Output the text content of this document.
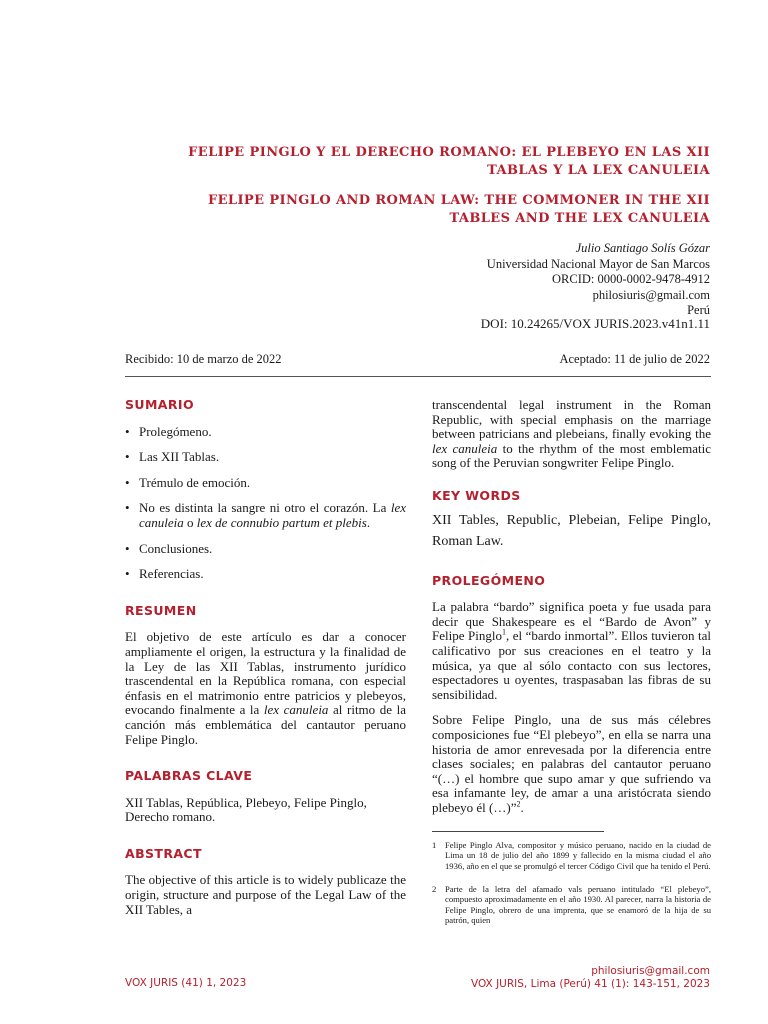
FELIPE PINGLO Y EL DERECHO ROMANO: EL PLEBEYO EN LAS XII TABLAS Y LA LEX CANULEIA
FELIPE PINGLO AND ROMAN LAW: THE COMMONER IN THE XII TABLES AND THE LEX CANULEIA
Julio Santiago Solís Gózar
Universidad Nacional Mayor de San Marcos
ORCID: 0000-0002-9478-4912
philosiuris@gmail.com
Perú
DOI: 10.24265/VOX JURIS.2023.v41n1.11
Recibido: 10 de marzo de 2022	Aceptado: 11 de julio de 2022
SUMARIO
• Prolegómeno.
• Las XII Tablas.
• Trémulo de emoción.
• No es distinta la sangre ni otro el corazón. La lex canuleia o lex de connubio partum et plebis.
• Conclusiones.
• Referencias.
RESUMEN

El objetivo de este artículo es dar a conocer ampliamente el origen, la estructura y la finalidad de la Ley de las XII Tablas, instrumento jurídico trascendental en la República romana, con especial énfasis en el matrimonio entre patricios y plebeyos, evocando finalmente a la lex canuleia al ritmo de la canción más emblemática del cantautor peruano Felipe Pinglo.

PALABRAS CLAVE

XII Tablas, República, Plebeyo, Felipe Pinglo, Derecho romano.

ABSTRACT

The objective of this article is to widely publicaze the origin, structure and purpose of the Legal Law of the XII Tables, a

transcendental legal instrument in the Roman Republic, with special emphasis on the marriage between patricians and plebeians, finally evoking the lex canuleia to the rhythm of the most emblematic song of the Peruvian songwriter Felipe Pinglo.

KEY WORDS

XII Tables, Republic, Plebeian, Felipe Pinglo, Roman Law.

PROLEGÓMENO

La palabra “bardo” significa poeta y fue usada para decir que Shakespeare es el “Bardo de Avon” y Felipe Pinglo$^1$, el “bardo inmortal”. Ellos tuvieron tal calificativo por sus creaciones en el teatro y la música, ya que al sólo contacto con sus lectores, espectadores u oyentes, traspasaban las fibras de su sensibilidad.

Sobre Felipe Pinglo, una de sus más célebres composiciones fue “El plebeyo”, en ella se narra una historia de amor enrevesada por la diferencia entre clases sociales; en palabras del cantautor peruano “(…) el hombre que supo amar y que sufriendo va esa infamante ley, de amar a una aristócrata siendo plebeyo él (…)”$^2$.

1 Felipe Pinglo Alva, compositor y músico peruano, nacido en la ciudad de Lima un 18 de julio del año 1899 y fallecido en la misma ciudad el año 1936, año en el que se promulgó el tercer Código Civil que ha tenido el Perú.
2 Parte de la letra del afamado vals peruano intitulado “El plebeyo”, compuesto aproximadamente en el año 1930. Al parecer, narra la historia de Felipe Pinglo, obrero de una imprenta, que se enamoró de la hija de su patrón, quien
VOX JURIS (41) 1, 2023
philosiuris@gmail.com
VOX JURIS, Lima (Perú) 41 (1): 143-151, 2023
